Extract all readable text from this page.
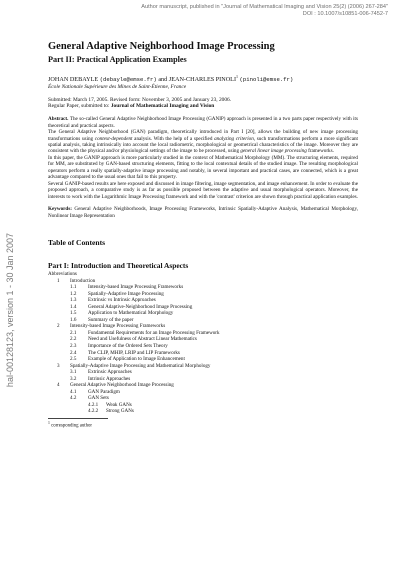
hal-00128123, version 1 - 30 Jan 2007
Author manuscript, published in "Journal of Mathematical Imaging and Vision 25(2) (2006) 267-284"
DOI : 10.1007/s10851-006-7452-7
General Adaptive Neighborhood Image Processing
Part II: Practical Application Examples
JOHAN DEBAYLE (debayle@emse.fr) and JEAN-CHARLES PINOLI$^1$ (pinoli@emse.fr)
École Nationale Supérieure des Mines de Saint-Étienne, France
Submitted: March 17, 2005. Revised form: November 3, 2005 and January 23, 2006.
Regular Paper, submitted to: Journal of Mathematical Imaging and Vision

Abstract. The so-called General Adaptive Neighborhood Image Processing (GANIP) approach is presented in a two parts paper respectively with its theoretical and practical aspects.

The General Adaptive Neighborhood (GAN) paradigm, theoretically introduced in Part I [20], allows the building of new image processing transformations using context-dependent analysis. With the help of a specified analyzing criterion, such transformations perform a more significant spatial analysis, taking intrinsically into account the local radiometric, morphological or geometrical characteristics of the image. Moreover they are consistent with the physical and/or physiological settings of the image to be processed, using general linear image processing frameworks.

In this paper, the GANIP approach is more particularly studied in the context of Mathematical Morphology (MM). The structuring elements, required for MM, are substituted by GAN-based structuring elements, fitting to the local contextual details of the studied image. The resulting morphological operators perform a really spatially-adaptive image processing and notably, in several important and practical cases, are connected, which is a great advantage compared to the usual ones that fail to this property.

Several GANIP-based results are here exposed and discussed in image filtering, image segmentation, and image enhancement. In order to evaluate the proposed approach, a comparative study is as far as possible proposed between the adaptive and usual morphological operators. Moreover, the interests to work with the Logarithmic Image Processing framework and with the 'contrast' criterion are shown through practical application examples.

Keywords: General Adaptive Neighborhoods, Image Processing Frameworks, Intrinsic Spatially-Adaptive Analysis, Mathematical Morphology, Nonlinear Image Representation

Table of Contents
Part I: Introduction and Theoretical Aspects
Abbreviations
1	Introduction
1.1	Intensity-based Image Processing Frameworks
1.2	Spatially-Adaptive Image Processing
1.3	Extrinsic vs Intrinsic Approaches
1.4	General Adaptive-Neighborhood Image Processing
1.5	Application to Mathematical Morphology
1.6	Summary of the paper
2	Intensity-based Image Processing Frameworks
2.1	Fundamental Requirements for an Image Processing Framework
2.2	Need and Usefulness of Abstract Linear Mathematics
2.3	Importance of the Ordered Sets Theory
2.4	The CLIP, MHIP, LRIP and LIP Frameworks
2.5	Example of Application to Image Enhancement
3	Spatially-Adaptive Image Processing and Mathematical Morphology
3.1	Extrinsic Approaches
3.2	Intrinsic Approaches
4	General Adaptive Neighborhood Image Processing
4.1	GAN Paradigm
4.2	GAN Sets
4.2.1	Weak GANs
4.2.2	Strong GANs
$^1$ corresponding author
